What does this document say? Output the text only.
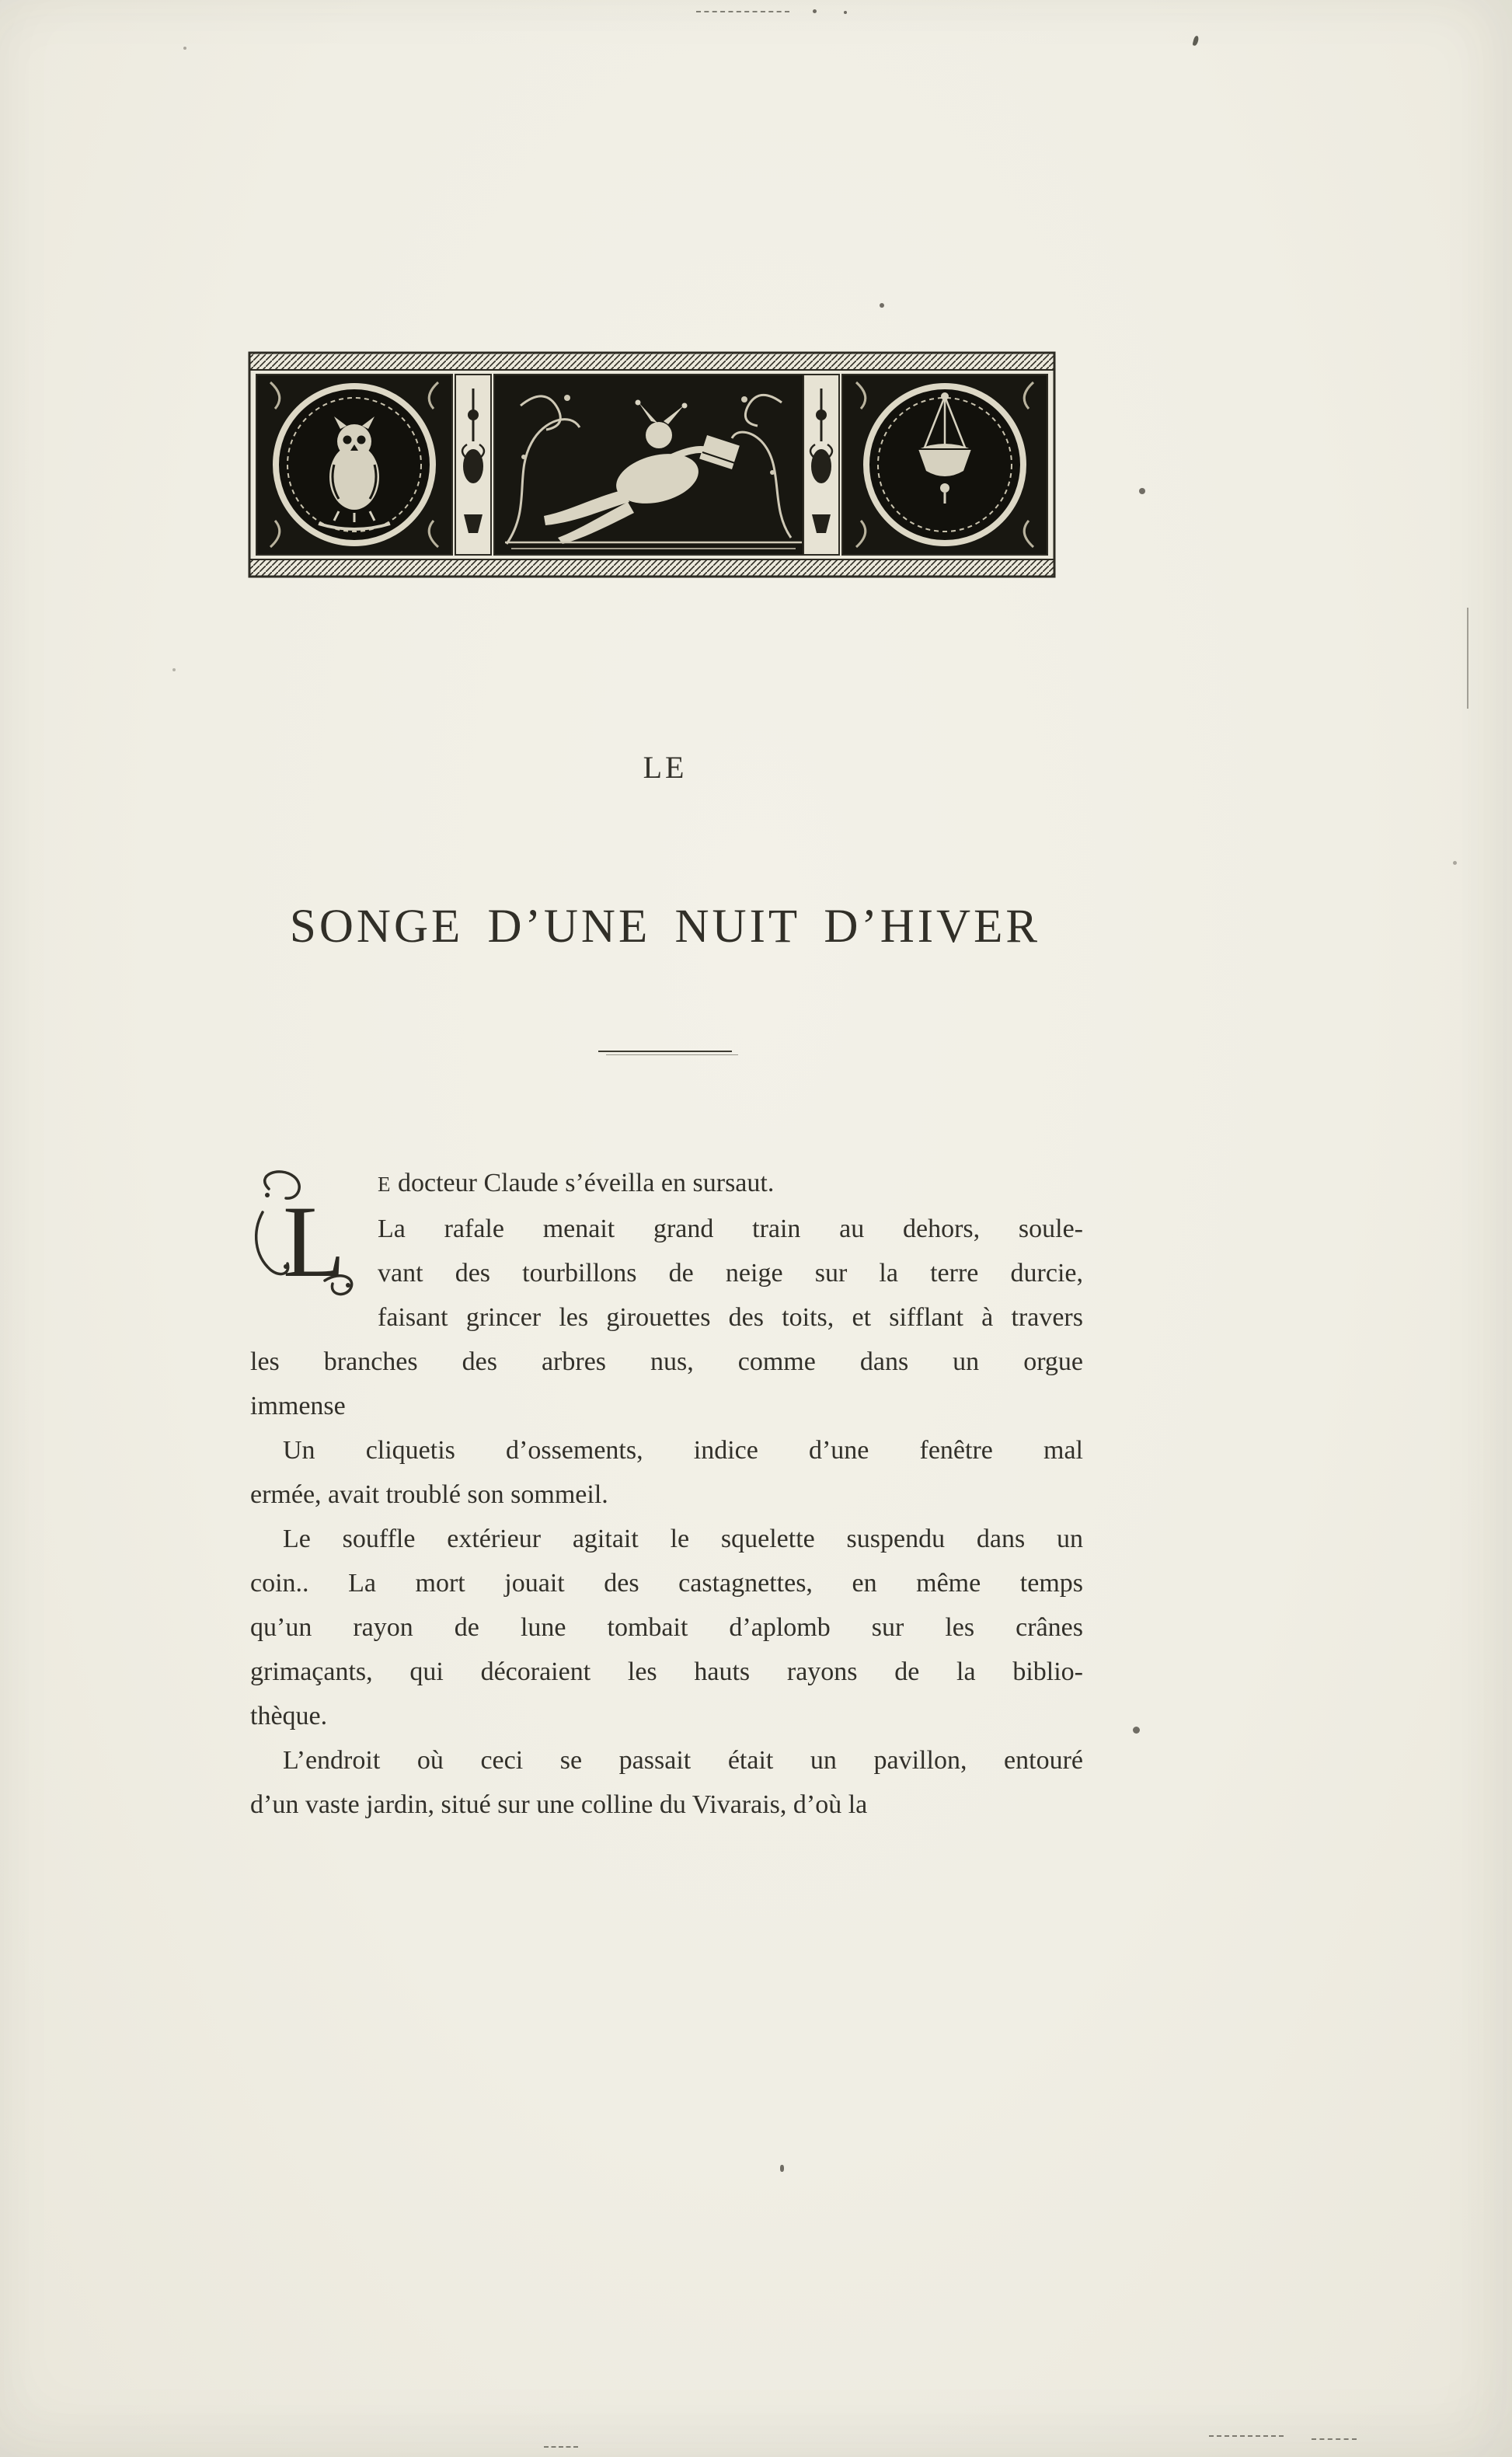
LE
SONGE D’UNE NUIT D’HIVER
L	E docteur Claude s’éveilla en sursaut.
La rafale menait grand train au dehors, soule-
vant des tourbillons de neige sur la terre durcie,
faisant grincer les girouettes des toits, et sifflant à travers
les branches des arbres nus, comme dans un orgue
immense
Un cliquetis d’ossements, indice d’une fenêtre mal
ermée, avait troublé son sommeil.
Le souffle extérieur agitait le squelette suspendu dans un
coin.. La mort jouait des castagnettes, en même temps
qu’un rayon de lune tombait d’aplomb sur les crânes
grimaçants, qui décoraient les hauts rayons de la biblio-
thèque.
L’endroit où ceci se passait était un pavillon, entouré
d’un vaste jardin, situé sur une colline du Vivarais, d’où la
